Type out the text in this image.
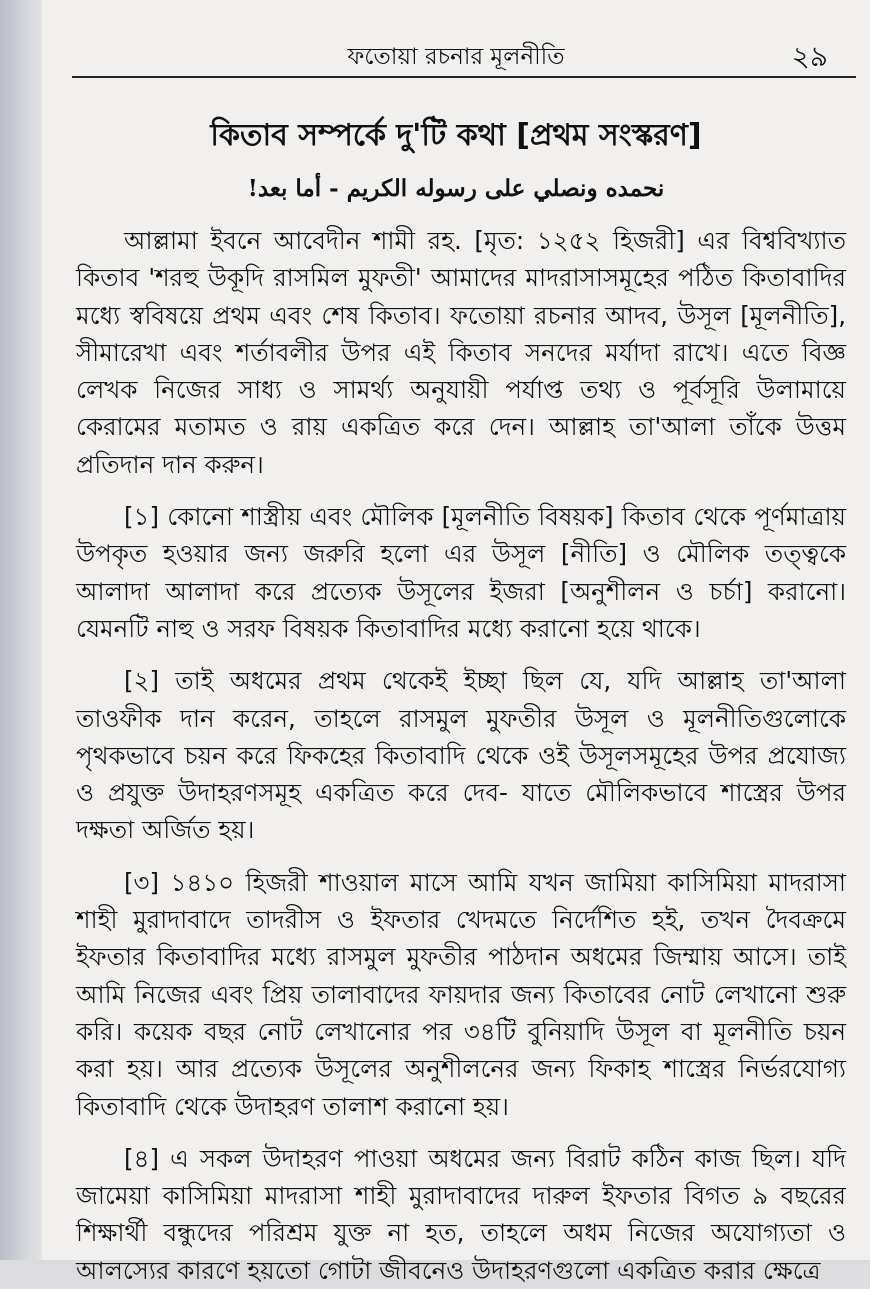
ফতোয়া রচনার মূলনীতি	২৯
কিতাব সম্পর্কে দু'টি কথা [প্রথম সংস্করণ]
نحمده ونصلي على رسوله الكريم - أما بعد!

আল্লামা ইবনে আবেদীন শামী রহ. [মৃত: ১২৫২ হিজরী] এর বিশ্ববিখ্যাত কিতাব 'শরহু উকূদি রাসমিল মুফতী' আমাদের মাদরাসাসমূহের পঠিত কিতাবাদির মধ্যে স্ববিষয়ে প্রথম এবং শেষ কিতাব। ফতোয়া রচনার আদব, উসূল [মূলনীতি], সীমারেখা এবং শর্তাবলীর উপর এই কিতাব সনদের মর্যাদা রাখে। এতে বিজ্ঞ লেখক নিজের সাধ্য ও সামর্থ্য অনুযায়ী পর্যাপ্ত তথ্য ও পূর্বসূরি উলামায়ে কেরামের মতামত ও রায় একত্রিত করে দেন। আল্লাহ তা'আলা তাঁকে উত্তম প্রতিদান দান করুন।

[১] কোনো শাস্ত্রীয় এবং মৌলিক [মূলনীতি বিষয়ক] কিতাব থেকে পূর্ণমাত্রায় উপকৃত হওয়ার জন্য জরুরি হলো এর উসূল [নীতি] ও মৌলিক তত্ত্বকে আলাদা আলাদা করে প্রত্যেক উসূলের ইজরা [অনুশীলন ও চর্চা] করানো। যেমনটি নাহু ও সরফ বিষয়ক কিতাবাদির মধ্যে করানো হয়ে থাকে।

[২] তাই অধমের প্রথম থেকেই ইচ্ছা ছিল যে, যদি আল্লাহ তা'আলা তাওফীক দান করেন, তাহলে রাসমুল মুফতীর উসূল ও মূলনীতিগুলোকে পৃথকভাবে চয়ন করে ফিকহের কিতাবাদি থেকে ওই উসূলসমূহের উপর প্রযোজ্য ও প্রযুক্ত উদাহরণসমূহ একত্রিত করে দেব- যাতে মৌলিকভাবে শাস্ত্রের উপর দক্ষতা অর্জিত হয়।

[৩] ১৪১০ হিজরী শাওয়াল মাসে আমি যখন জামিয়া কাসিমিয়া মাদরাসা শাহী মুরাদাবাদে তাদরীস ও ইফতার খেদমতে নির্দেশিত হই, তখন দৈবক্রমে ইফতার কিতাবাদির মধ্যে রাসমুল মুফতীর পাঠদান অধমের জিম্মায় আসে। তাই আমি নিজের এবং প্রিয় তালাবাদের ফায়দার জন্য কিতাবের নোট লেখানো শুরু করি। কয়েক বছর নোট লেখানোর পর ৩৪টি বুনিয়াদি উসূল বা মূলনীতি চয়ন করা হয়। আর প্রত্যেক উসূলের অনুশীলনের জন্য ফিকাহ শাস্ত্রের নির্ভরযোগ্য কিতাবাদি থেকে উদাহরণ তালাশ করানো হয়।

[৪] এ সকল উদাহরণ পাওয়া অধমের জন্য বিরাট কঠিন কাজ ছিল। যদি জামেয়া কাসিমিয়া মাদরাসা শাহী মুরাদাবাদের দারুল ইফতার বিগত ৯ বছরের শিক্ষার্থী বন্ধুদের পরিশ্রম যুক্ত না হত, তাহলে অধম নিজের অযোগ্যতা ও আলস্যের কারণে হয়তো গোটা জীবনেও উদাহরণগুলো একত্রিত করার ক্ষেত্রে
